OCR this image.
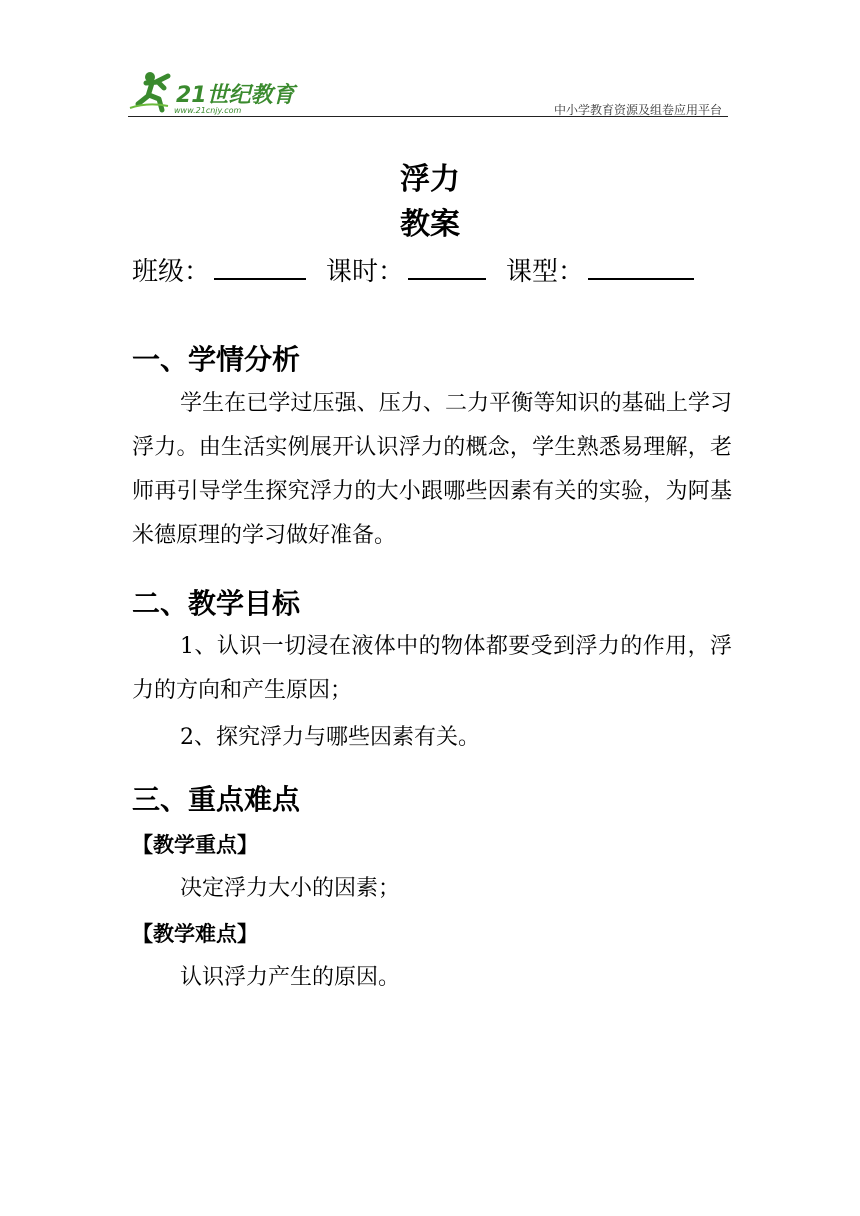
21世纪教育
www.21cnjy.com	中小学教育资源及组卷应用平台
浮力
教案
班级：	课时：	课型：
一、学情分析
学生在已学过压强、压力、二力平衡等知识的基础上学习浮力。由生活实例展开认识浮力的概念，学生熟悉易理解，老师再引导学生探究浮力的大小跟哪些因素有关的实验，为阿基米德原理的学习做好准备。
二、教学目标
1、认识一切浸在液体中的物体都要受到浮力的作用，浮力的方向和产生原因；
2、探究浮力与哪些因素有关。
三、重点难点
【教学重点】
决定浮力大小的因素；
【教学难点】
认识浮力产生的原因。
